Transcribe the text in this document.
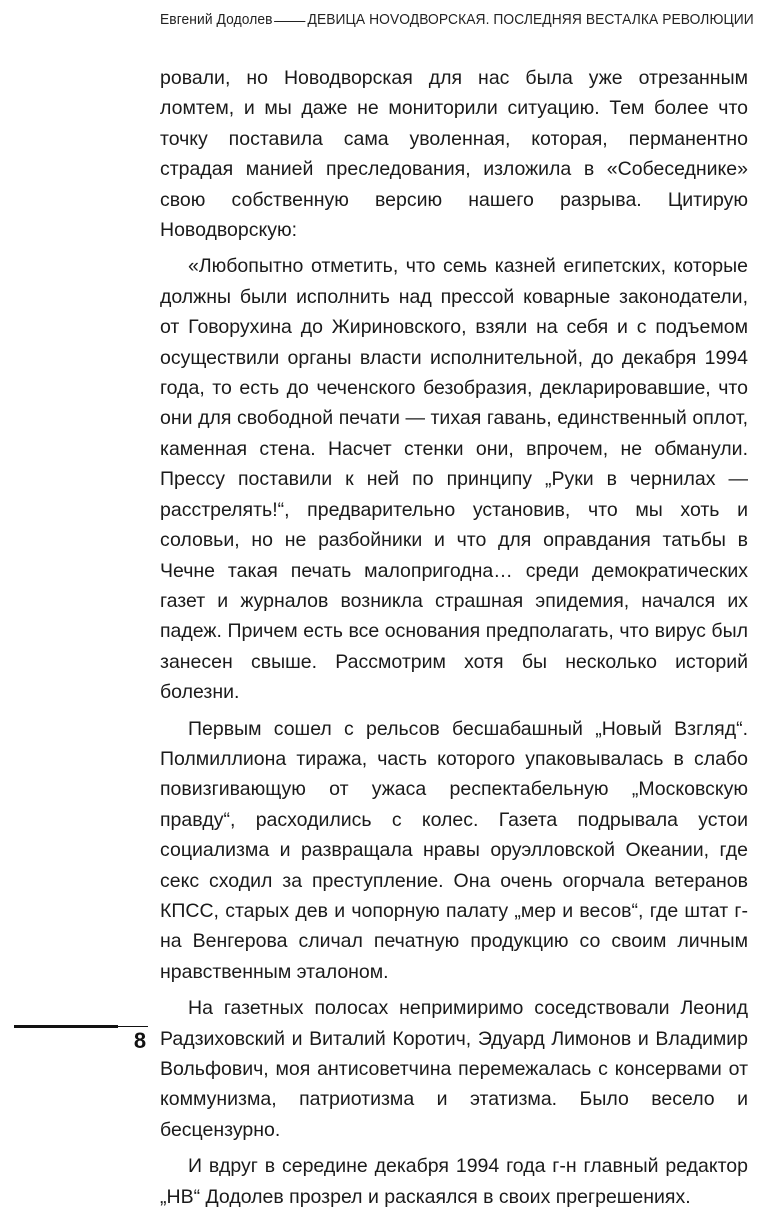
Евгений Додолев ДЕВИЦА НОVОДВОРСКАЯ. ПОСЛЕДНЯЯ ВЕСТАЛКА РЕВОЛЮЦИИ

ровали, но Новодворская для нас была уже отрезанным ломтем, и мы даже не мониторили ситуацию. Тем более что точку поставила сама уволенная, которая, перманентно страдая манией преследования, изложила в «Собеседнике» свою собственную версию нашего разрыва. Цитирую Новодворскую:

«Любопытно отметить, что семь казней египетских, которые должны были исполнить над прессой коварные законодатели, от Говорухина до Жириновского, взяли на себя и с подъемом осуществили органы власти исполнительной, до декабря 1994 года, то есть до чеченского безобразия, декларировавшие, что они для свободной печати — тихая гавань, единственный оплот, каменная стена. Насчет стенки они, впрочем, не обманули. Прессу поставили к ней по принципу „Руки в чернилах — расстрелять!“, предварительно установив, что мы хоть и соловьи, но не разбойники и что для оправдания татьбы в Чечне такая печать малопригодна… среди демократических газет и журналов возникла страшная эпидемия, начался их падеж. Причем есть все основания предполагать, что вирус был занесен свыше. Рассмотрим хотя бы несколько историй болезни.

Первым сошел с рельсов бесшабашный „Новый Взгляд“. Полмиллиона тиража, часть которого упаковывалась в слабо повизгивающую от ужаса респектабельную „Московскую правду“, расходились с колес. Газета подрывала устои социализма и развращала нравы оруэлловской Океании, где секс сходил за преступление. Она очень огорчала ветеранов КПСС, старых дев и чопорную палату „мер и весов“, где штат г-на Венгерова сличал печатную продукцию со своим личным нравственным эталоном.

На газетных полосах непримиримо соседствовали Леонид Радзиховский и Виталий Коротич, Эдуард Лимонов и Владимир Вольфович, моя антисоветчина перемежалась с консервами от коммунизма, патриотизма и этатизма. Было весело и бесцензурно.

И вдруг в середине декабря 1994 года г-н главный редактор „НВ“ Додолев прозрел и раскаялся в своих прегрешениях.

8
